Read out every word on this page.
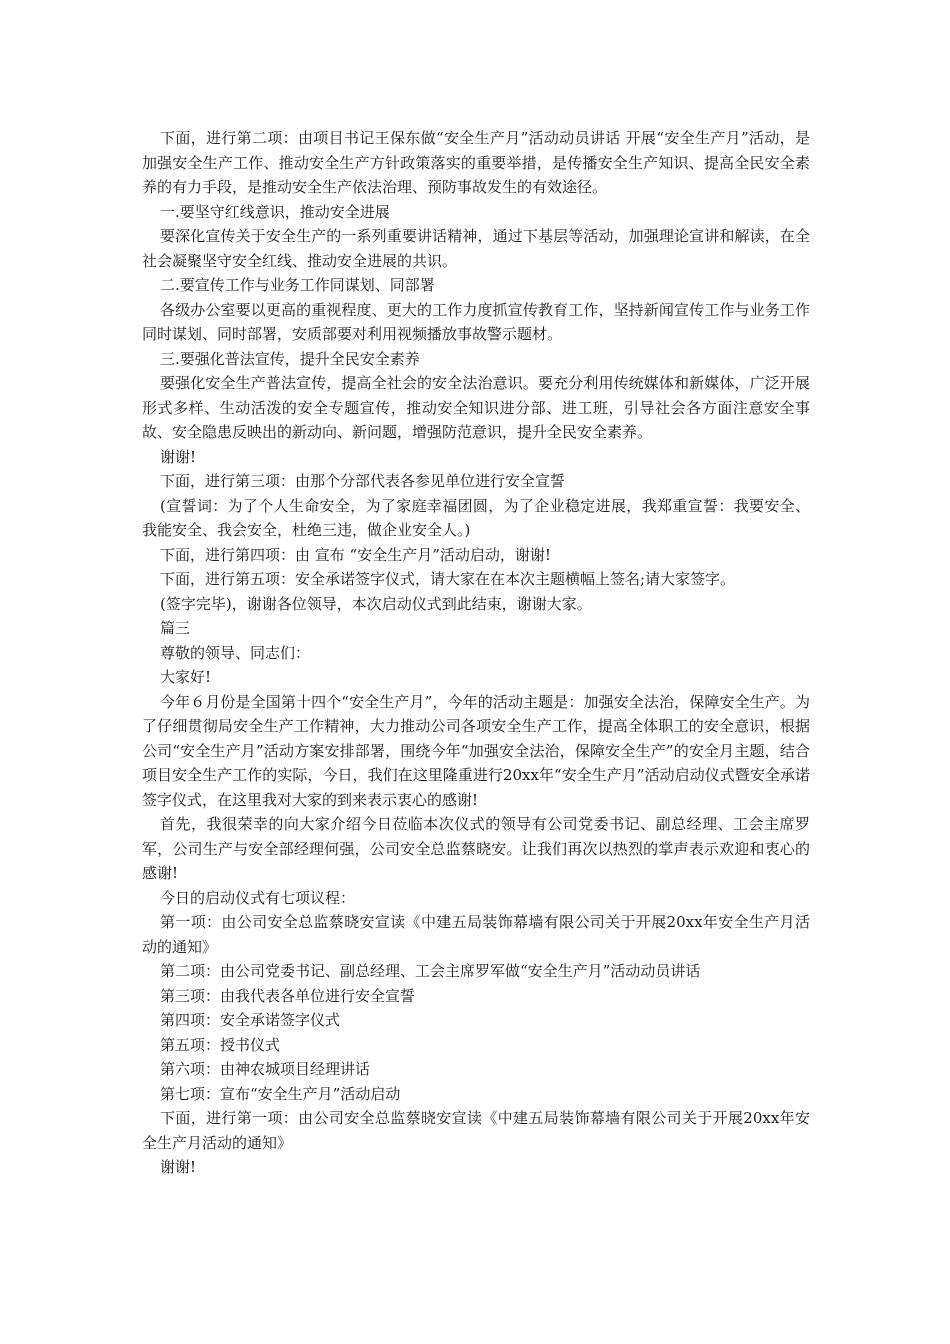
下面，进行第二项：由项目书记王保东做“安全生产月”活动动员讲话 开展“安全生产月”活动，是加强安全生产工作、推动安全生产方针政策落实的重要举措，是传播安全生产知识、提高全民安全素养的有力手段，是推动安全生产依法治理、预防事故发生的有效途径。

一.要坚守红线意识，推动安全进展

要深化宣传关于安全生产的一系列重要讲话精神，通过下基层等活动，加强理论宣讲和解读，在全社会凝聚坚守安全红线、推动安全进展的共识。

二.要宣传工作与业务工作同谋划、同部署

各级办公室要以更高的重视程度、更大的工作力度抓宣传教育工作，坚持新闻宣传工作与业务工作同时谋划、同时部署，安质部要对利用视频播放事故警示题材。

三.要强化普法宣传，提升全民安全素养

要强化安全生产普法宣传，提高全社会的安全法治意识。要充分利用传统媒体和新媒体，广泛开展形式多样、生动活泼的安全专题宣传，推动安全知识进分部、进工班，引导社会各方面注意安全事故、安全隐患反映出的新动向、新问题，增强防范意识，提升全民安全素养。

谢谢!

下面，进行第三项：由那个分部代表各参见单位进行安全宣誓

(宣誓词：为了个人生命安全，为了家庭幸福团圆，为了企业稳定进展，我郑重宣誓：我要安全、我能安全、我会安全，杜绝三违，做企业安全人。)

下面，进行第四项：由 宣布 “安全生产月”活动启动，谢谢!

下面，进行第五项：安全承诺签字仪式，请大家在在本次主题横幅上签名;请大家签字。

(签字完毕)，谢谢各位领导，本次启动仪式到此结束，谢谢大家。

篇三

尊敬的领导、同志们：

大家好!

今年６月份是全国第十四个“安全生产月”，今年的活动主题是：加强安全法治，保障安全生产。为了仔细贯彻局安全生产工作精神，大力推动公司各项安全生产工作，提高全体职工的安全意识，根据公司“安全生产月”活动方案安排部署，围绕今年“加强安全法治，保障安全生产”的安全月主题，结合项目安全生产工作的实际，今日，我们在这里隆重进行20xx年“安全生产月”活动启动仪式暨安全承诺签字仪式，在这里我对大家的到来表示衷心的感谢!

首先，我很荣幸的向大家介绍今日莅临本次仪式的领导有公司党委书记、副总经理、工会主席罗军，公司生产与安全部经理何强，公司安全总监蔡晓安。让我们再次以热烈的掌声表示欢迎和衷心的感谢!

今日的启动仪式有七项议程：

第一项：由公司安全总监蔡晓安宣读《中建五局装饰幕墙有限公司关于开展20xx年安全生产月活动的通知》

第二项：由公司党委书记、副总经理、工会主席罗军做“安全生产月”活动动员讲话

第三项：由我代表各单位进行安全宣誓

第四项：安全承诺签字仪式

第五项：授书仪式

第六项：由神农城项目经理讲话

第七项：宣布“安全生产月”活动启动

下面，进行第一项：由公司安全总监蔡晓安宣读《中建五局装饰幕墙有限公司关于开展20xx年安全生产月活动的通知》

谢谢!
